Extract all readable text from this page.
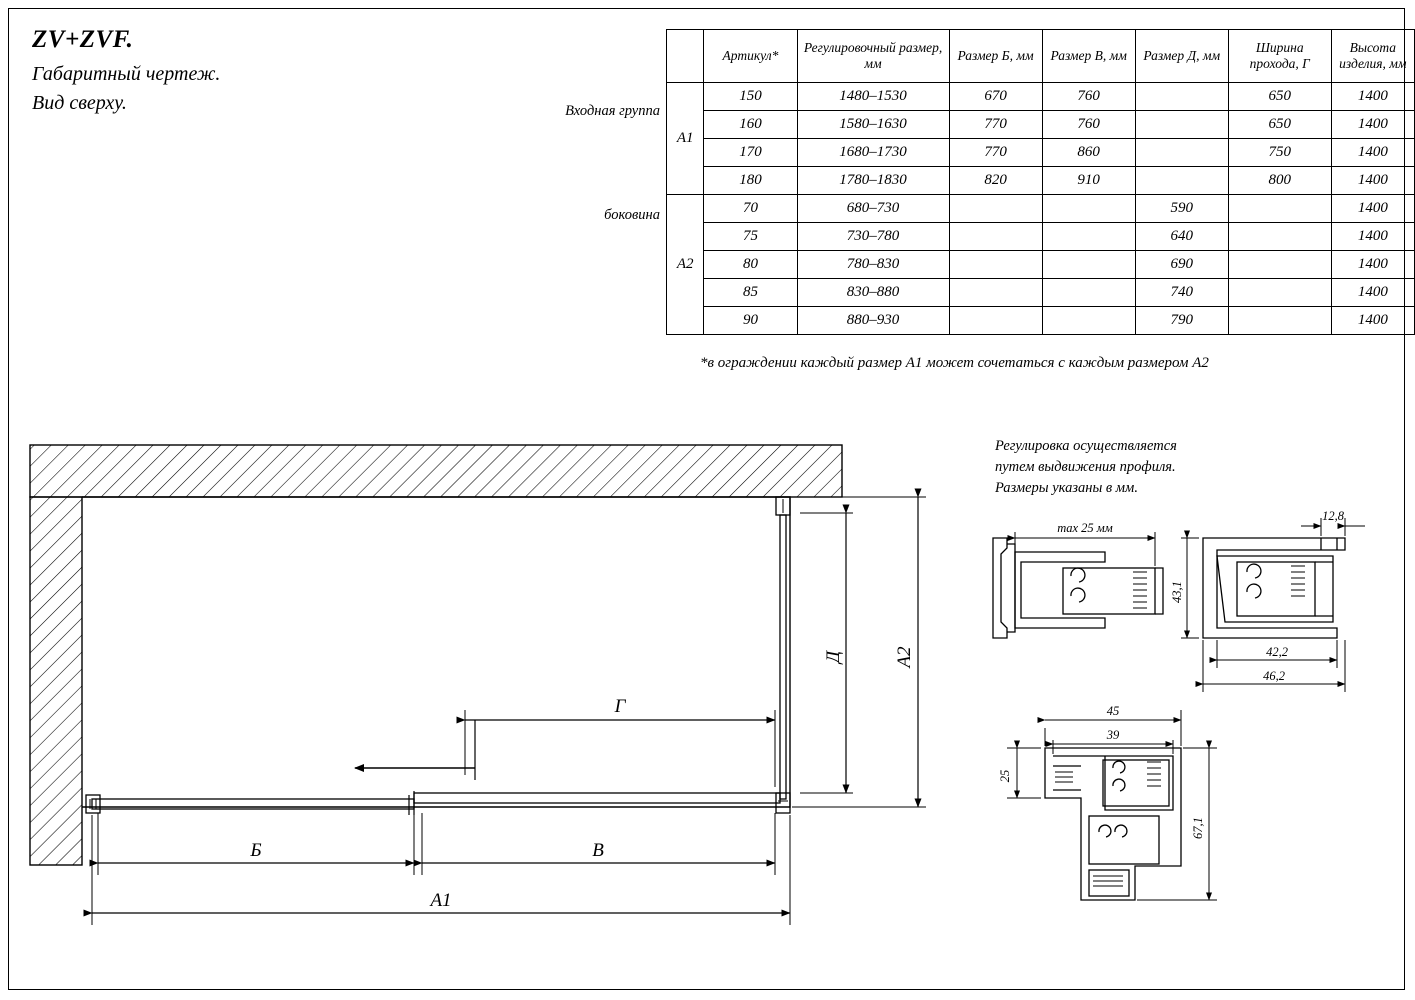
ZV+ZVF.
Габаритный чертеж.
Вид сверху.	Входная группа
боковина
	Артикул*	Регулировочный размер, мм	Размер Б, мм	Размер В, мм	Размер Д, мм	Ширина прохода, Г	Высота изделия, мм
А1	150	1480–1530	670	760		650	1400
	160	1580–1630	770	760		650	1400
	170	1680–1730	770	860		750	1400
	180	1780–1830	820	910		800	1400
А2	70	680–730			590		1400
	75	730–780			640		1400
	80	780–830			690		1400
	85	830–880			740		1400
	90	880–930			790		1400
*в ограждении каждый размер А1 может сочетаться с каждым размером А2
Регулировка осуществляется
путем выдвижения профиля.
Размеры указаны в мм.
Г
Д	А2
Б	В
А1
max 25 мм
12,8
43,1
42,2
46,2
45
39
25
67,1
